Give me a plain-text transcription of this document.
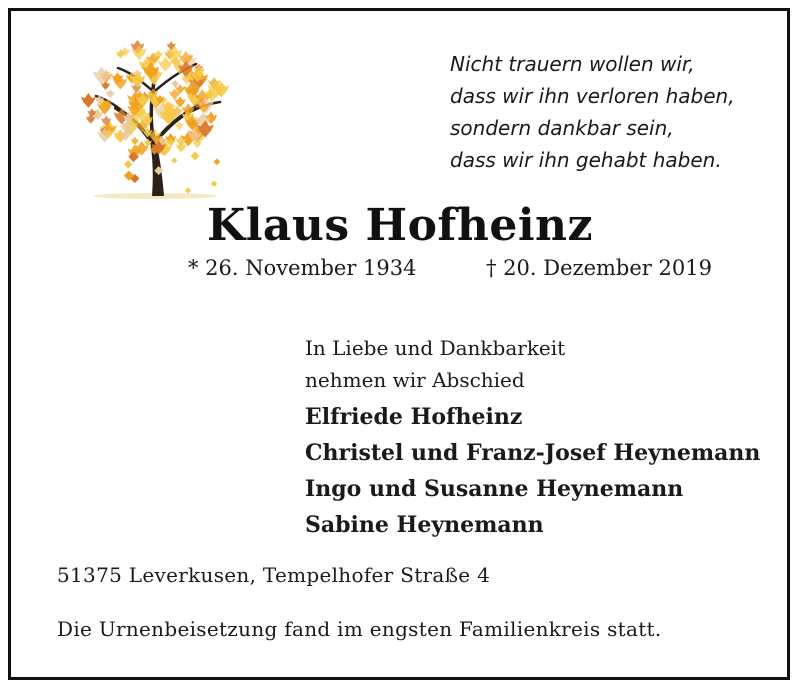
Nicht trauern wollen wir,
dass wir ihn verloren haben,
sondern dankbar sein,
dass wir ihn gehabt haben.
Klaus Hofheinz
* 26. November 1934	† 20. Dezember 2019
In Liebe und Dankbarkeit
nehmen wir Abschied
Elfriede Hofheinz
Christel und Franz-Josef Heynemann
Ingo und Susanne Heynemann
Sabine Heynemann
51375 Leverkusen, Tempelhofer Straße 4
Die Urnenbeisetzung fand im engsten Familienkreis statt.
